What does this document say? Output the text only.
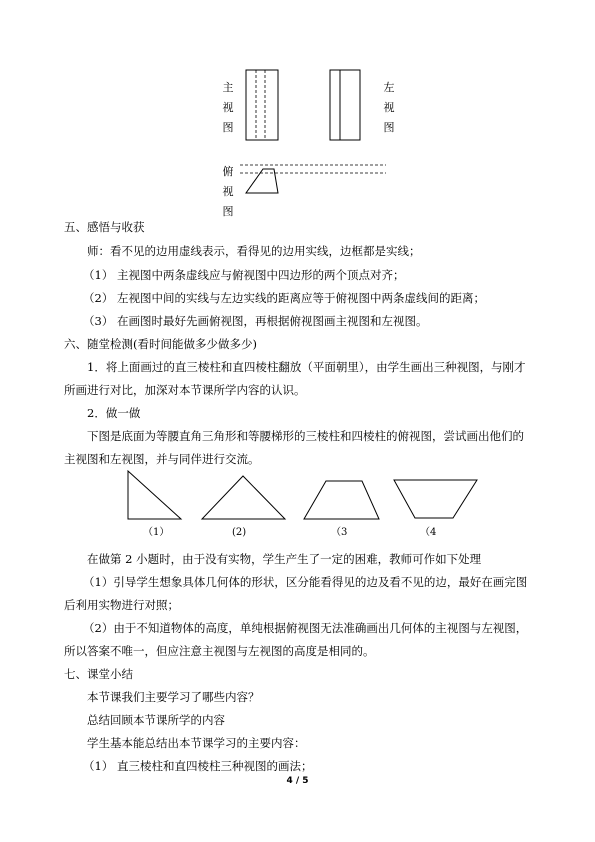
主
视
图
左
视
图
俯
视
图
五、感悟与收获
师：看不见的边用虚线表示，看得见的边用实线，边框都是实线；
（1） 主视图中两条虚线应与俯视图中四边形的两个顶点对齐；
（2） 左视图中间的实线与左边实线的距离应等于俯视图中两条虚线间的距离；
（3） 在画图时最好先画俯视图，再根据俯视图画主视图和左视图。
六、随堂检测(看时间能做多少做多少)
1．将上面画过的直三棱柱和直四棱柱翻放（平面朝里），由学生画出三种视图，与刚才
所画进行对比，加深对本节课所学内容的认识。
2．做一做
下图是底面为等腰直角三角形和等腰梯形的三棱柱和四棱柱的俯视图，尝试画出他们的
主视图和左视图，并与同伴进行交流。
（1）	(2)	（3	（4
在做第 2 小题时，由于没有实物，学生产生了一定的困难，教师可作如下处理
（1）引导学生想象具体几何体的形状，区分能看得见的边及看不见的边，最好在画完图
后利用实物进行对照；
（2）由于不知道物体的高度，单纯根据俯视图无法准确画出几何体的主视图与左视图，
所以答案不唯一，但应注意主视图与左视图的高度是相同的。
七、课堂小结
本节课我们主要学习了哪些内容？
总结回顾本节课所学的内容
学生基本能总结出本节课学习的主要内容：
（1） 直三棱柱和直四棱柱三种视图的画法；
4 / 5
